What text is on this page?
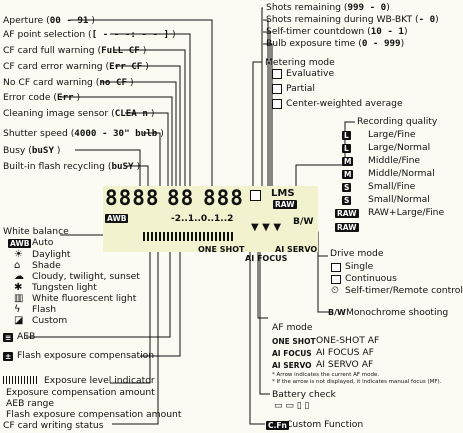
Aperture (00 - 91 )
AF point selection ([ - - -: - - ] )
CF card full warning (FuLL CF )
CF card error warning (Err CF )
No CF card warning (no CF )
Error code (Err )
Cleaning image sensor (CLEA n )
Shutter speed (4000 - 30" bulb )
Busy (buSY )
Built-in flash recycling (buSY )
Shots remaining (999 - 0)
Shots remaining during WB-BKT (- 0)
Self-timer countdown (10 - 1)
Bulb exposure time (0 - 999)
Metering mode
Evaluative
Partial
Center-weighted average
Recording quality
L Large/Fine
L Large/Normal
M Middle/Fine
M Middle/Normal
S Small/Fine
S Small/Normal
RAW RAW+Large/Fine
RAW
8888 88 888	LMS
RAW
AWB	-2..1..0..1..2	B/W
▼ ▼ ▼
ONE SHOT	AI SERVO
AI FOCUS
White balance
AWB Auto
☀ Daylight
⌂ Shade
☁ Cloudy, twilight, sunset
✱ Tungsten light
▥ White fluorescent light
ϟ Flash
◪ Custom
≡ AEB
± Flash exposure compensation
Exposure level indicator
Exposure compensation amount
AEB range
Flash exposure compensation amount
CF card writing status
Drive mode
Single
Continuous
⏲ Self-timer/Remote control
B/W Monochrome shooting
AF mode
ONE SHOT ONE-SHOT AF
AI FOCUS AI FOCUS AF
AI SERVO AI SERVO AF
* Arrow indicates the current AF mode.
* If the arrow is not displayed, it indicates manual focus (MF).
Battery check
▭ ▭ ▯ ▯
C.Fn Custom Function
